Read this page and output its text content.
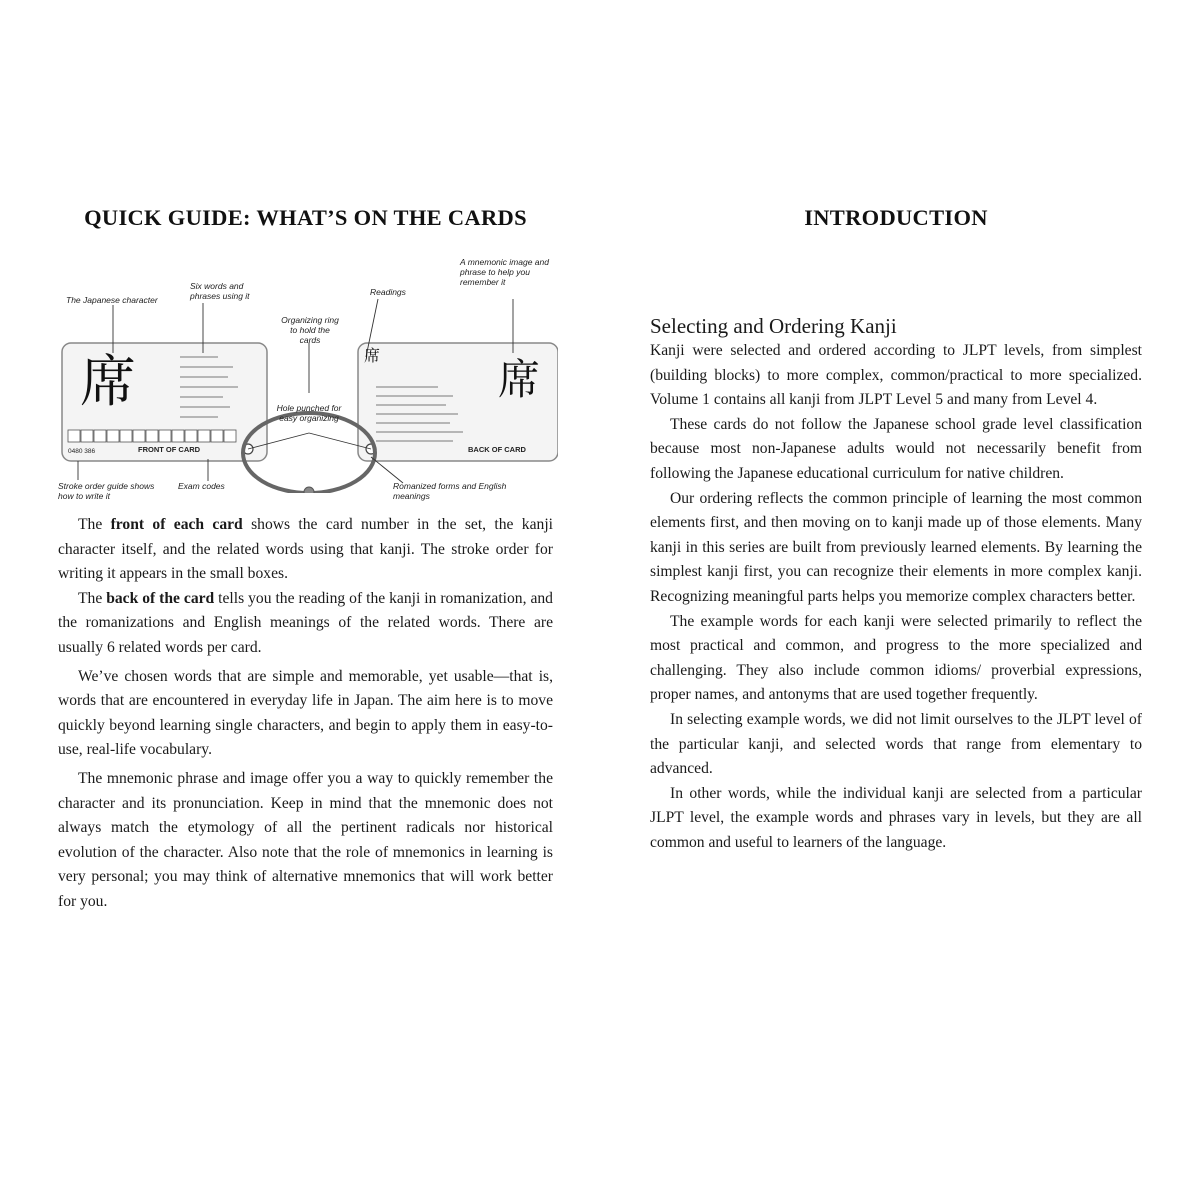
QUICK GUIDE: WHAT’S ON THE CARDS
席	席	席
FRONT OF CARD	BACK OF CARD
0480 386
The Japanese character
Six words and phrases using it
Organizing ring to hold the cards
Readings
A mnemonic image and phrase to help you remember it
Hole punched for easy organizing
Stroke order guide shows how to write it
Exam codes	Romanized forms and English meanings

The front of each card shows the card number in the set, the kanji character itself, and the related words using that kanji. The stroke order for writing it appears in the small boxes.

The back of the card tells you the reading of the kanji in romanization, and the romanizations and English meanings of the related words. There are usually 6 related words per card.

We’ve chosen words that are simple and memorable, yet usable—that is, words that are encountered in everyday life in Japan. The aim here is to move quickly beyond learning single characters, and begin to apply them in easy-to-use, real-life vocabulary.

The mnemonic phrase and image offer you a way to quickly remember the character and its pronunciation. Keep in mind that the mnemonic does not always match the etymology of all the pertinent radicals nor historical evolution of the character. Also note that the role of mnemonics in learning is very personal; you may think of alternative mnemonics that will work better for you.

INTRODUCTION
Selecting and Ordering Kanji

Kanji were selected and ordered according to JLPT levels, from simplest (building blocks) to more complex, common/practical to more specialized. Volume 1 contains all kanji from JLPT Level 5 and many from Level 4.

These cards do not follow the Japanese school grade level classification because most non-Japanese adults would not necessarily benefit from following the Japanese educational curriculum for native children.

Our ordering reflects the common principle of learning the most common elements first, and then moving on to kanji made up of those elements. Many kanji in this series are built from previously learned elements. By learning the simplest kanji first, you can recognize their elements in more complex kanji. Recognizing meaningful parts helps you memorize complex characters better.

The example words for each kanji were selected primarily to reflect the most practical and common, and progress to the more specialized and challenging. They also include common idioms/ proverbial expressions, proper names, and antonyms that are used together frequently.

In selecting example words, we did not limit ourselves to the JLPT level of the particular kanji, and selected words that range from elementary to advanced.

In other words, while the individual kanji are selected from a particular JLPT level, the example words and phrases vary in levels, but they are all common and useful to learners of the language.
